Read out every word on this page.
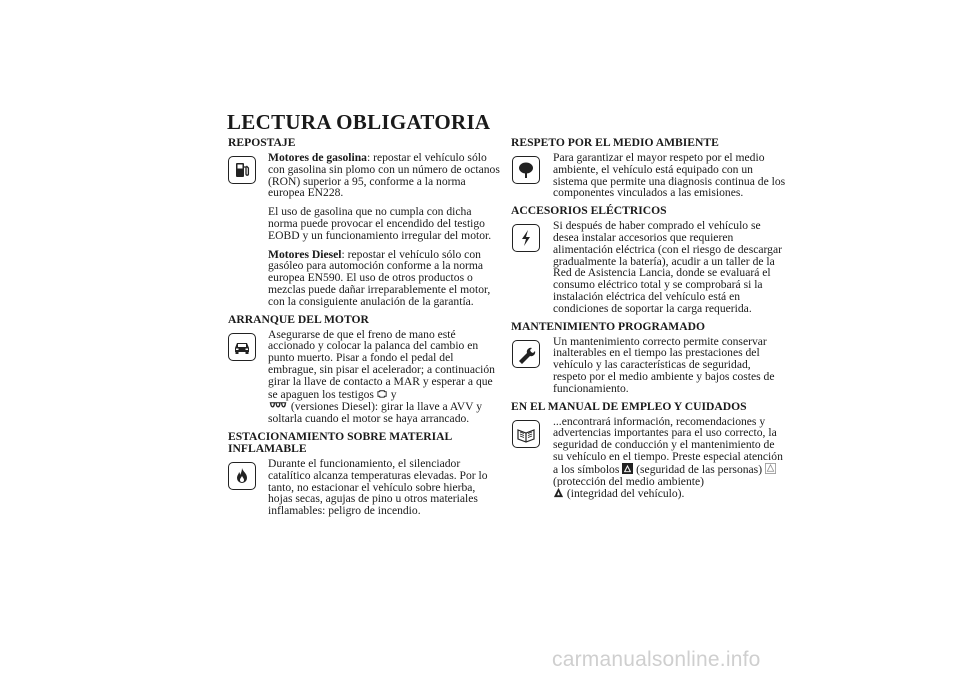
LECTURA OBLIGATORIA
REPOSTAJE

Motores de gasolina: repostar el vehículo sólo con gasolina sin plomo con un número de octanos (RON) superior a 95, conforme a la norma europea EN228.

El uso de gasolina que no cumpla con dicha norma puede provocar el encendido del testigo EOBD y un funcionamiento irregular del motor.

Motores Diesel: repostar el vehículo sólo con gasóleo para automoción conforme a la norma europea EN590. El uso de otros productos o mezclas puede dañar irreparablemente el motor, con la consiguiente anulación de la garantía.

ARRANQUE DEL MOTOR

Asegurarse de que el freno de mano esté accionado y colocar la palanca del cambio en punto muerto. Pisar a fondo el pedal del embrague, sin pisar el acelerador; a continuación girar la llave de contacto a MAR y esperar a que se apaguen los testigos y
(versiones Diesel): girar la llave a AVV y soltarla cuando el motor se haya arrancado.

ESTACIONAMIENTO SOBRE MATERIAL INFLAMABLE

Durante el funcionamiento, el silenciador catalítico alcanza temperaturas elevadas. Por lo tanto, no estacionar el vehículo sobre hierba, hojas secas, agujas de pino u otros materiales inflamables: peligro de incendio.

RESPETO POR EL MEDIO AMBIENTE

Para garantizar el mayor respeto por el medio ambiente, el vehículo está equipado con un sistema que permite una diagnosis continua de los componentes vinculados a las emisiones.

ACCESORIOS ELÉCTRICOS

Si después de haber comprado el vehículo se desea instalar accesorios que requieren alimentación eléctrica (con el riesgo de descargar gradualmente la batería), acudir a un taller de la Red de Asistencia Lancia, donde se evaluará el consumo eléctrico total y se comprobará si la instalación eléctrica del vehículo está en condiciones de soportar la carga requerida.

MANTENIMIENTO PROGRAMADO

Un mantenimiento correcto permite conservar inalterables en el tiempo las prestaciones del vehículo y las características de seguridad, respeto por el medio ambiente y bajos costes de funcionamiento.

EN EL MANUAL DE EMPLEO Y CUIDADOS

...encontrará información, recomendaciones y advertencias importantes para el uso correcto, la seguridad de conducción y el mantenimiento de su vehículo en el tiempo. Preste especial atención a los símbolos (seguridad de las personas)  (protección del medio ambiente)
(integridad del vehículo).

carmanualsonline.info
